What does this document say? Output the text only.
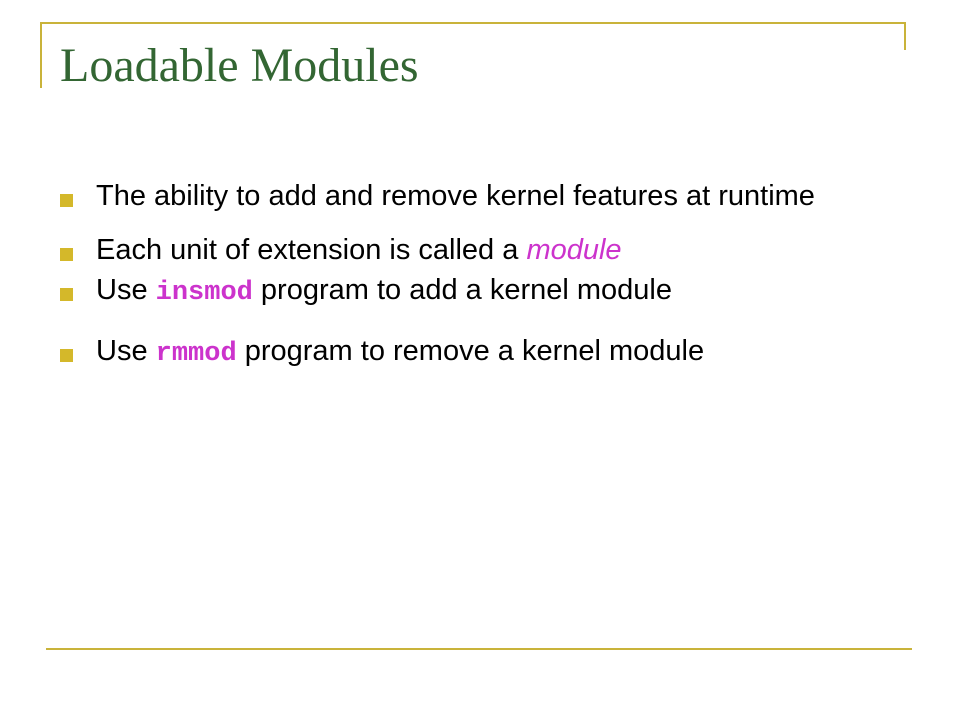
Loadable Modules
The ability to add and remove kernel features at runtime
Each unit of extension is called a module
Use insmod program to add a kernel module
Use rmmod program to remove a kernel module
